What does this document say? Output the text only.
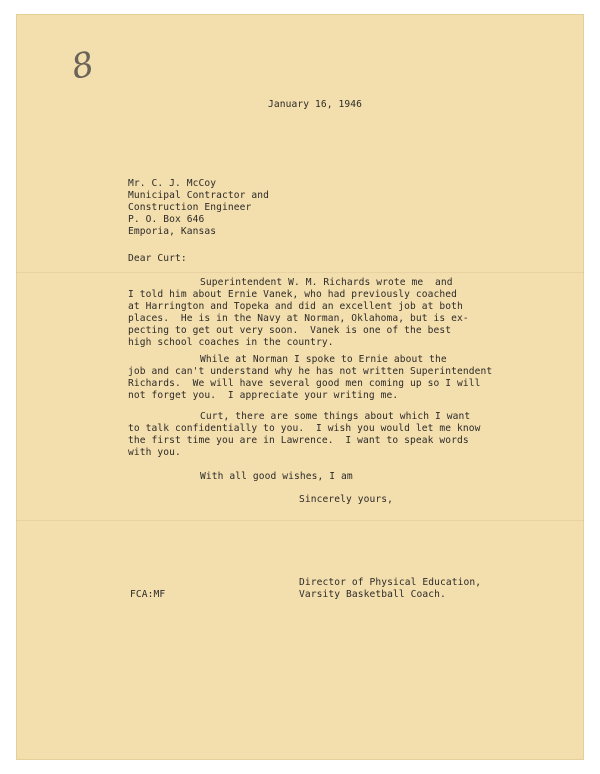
8
January 16, 1946
Mr. C. J. McCoy
Municipal Contractor and
Construction Engineer
P. O. Box 646
Emporia, Kansas
Dear Curt:
Superintendent W. M. Richards wrote me  and
I told him about Ernie Vanek, who had previously coached
at Harrington and Topeka and did an excellent job at both
places.  He is in the Navy at Norman, Oklahoma, but is ex-
pecting to get out very soon.  Vanek is one of the best
high school coaches in the country.
While at Norman I spoke to Ernie about the
job and can't understand why he has not written Superintendent
Richards.  We will have several good men coming up so I will
not forget you.  I appreciate your writing me.
Curt, there are some things about which I want
to talk confidentially to you.  I wish you would let me know
the first time you are in Lawrence.  I want to speak words
with you.
With all good wishes, I am
Sincerely yours,
Director of Physical Education,
Varsity Basketball Coach.
FCA:MF
